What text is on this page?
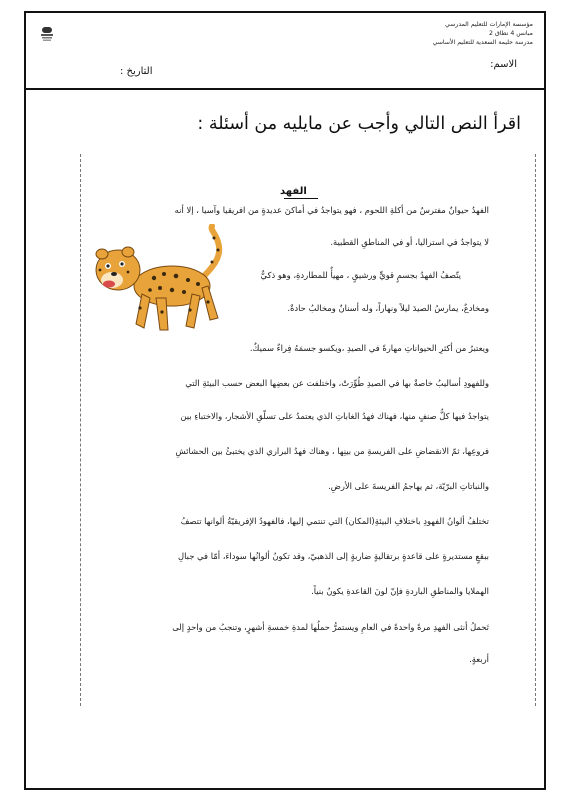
مؤسسة الإمارات للتعليم المدرسي
مبانس 4 نطاق 2
مدرسة حليمة السعدية للتعليم الأساسي
الاسم:
التاريخ :
اقرأ النص التالي وأجب عن مايليه من أسئلة :
الفهد
الفهدُ حيوانٌ مفترسٌ من أكلةِ اللحوم ، فهو يتواجدُ في أماكنَ عديدةٍ من افريقيا وآسيا ، إلا أنه
لا يتواجدُ في استراليا، أو في المناطقِ القطبية.
يتّصفُ الفهدُ بجسمٍ قويٍّ ورشيقٍ ، مهيأٌ للمطاردةِ، وهو ذكيٌّ
ومخادعٌ، يمارسُ الصيدَ ليلاً ونهاراً، وله أسنانٌ ومخالبُ حادةٌ.
ويعتبرُ من أكثرِ الحيواناتِ مهارةً في الصيدِ ،ويكسو جسمَهُ فِراءٌ سميكٌ.
وللفهودِ أساليبُ خاصةٌ بها في الصيدِ طُوِّرَتْ، واختلفت عن بعضِها البعض حسب البيئةِ التي
يتواجدُ فيها كلُّ صنفٍ منها، فهناك فهدُ الغاباتِ الذي يعتمدُ على تسلّقِ الأشجار، والاختباءِ بين
فروعِها، ثمّ الانقضاضِ على الفريسةِ من بينِها ، وهناك فهدُ البراري الذي يختبئُ بين الحشائشِ
والنباتاتِ البرّيّة، ثم يهاجمُ الفريسةَ على الأرضِ.
تختلفُ ألوانُ الفهودِ باختلافِ البيئةِ(المكان) التي تنتمي إليها، فالفهودُ الإفريقيّةُ ألوانها تتصفُ
ببقعٍ مستديرةٍ على قاعدةٍ برتقاليةٍ ضاربةٍ إلى الذهبيّ، وقد تكونُ ألوانُها سوداءَ، أمّا في جبالِ
الهملايا والمناطقِ الباردةِ فإنّ لونَ القاعدةِ يكونُ بنياً.
تَحملُ أنثى الفهدِ مرةً واحدةً في العامِ ويستمرُّ حملُها لمدةِ خمسةِ أشهرٍ، وتنجبُ من واحدٍ إلى
أربعةٍ.
